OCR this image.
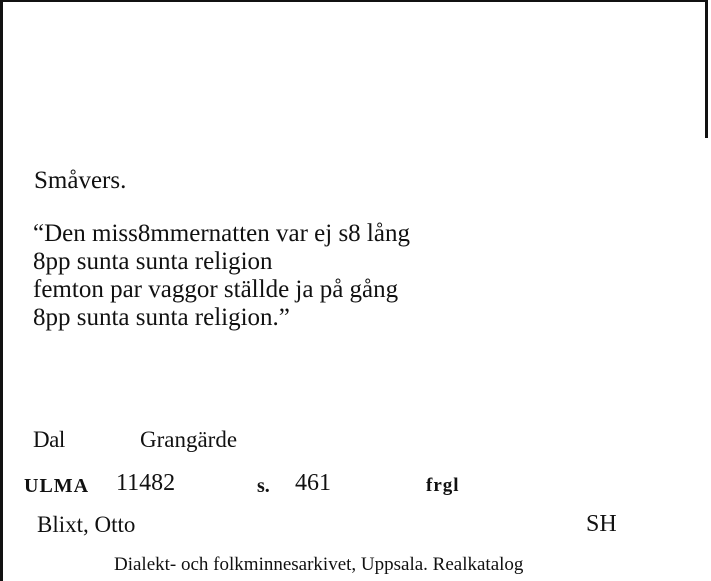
Småvers.
“Den miss8mmernatten var ej s8 lång
8pp sunta sunta religion
femton par vaggor ställde ja på gång
8pp sunta sunta religion.”
Dal	Grangärde
ULMA 11482	s. 461	frgl
Blixt, Otto	SH
Dialekt- och folkminnesarkivet, Uppsala. Realkatalog
